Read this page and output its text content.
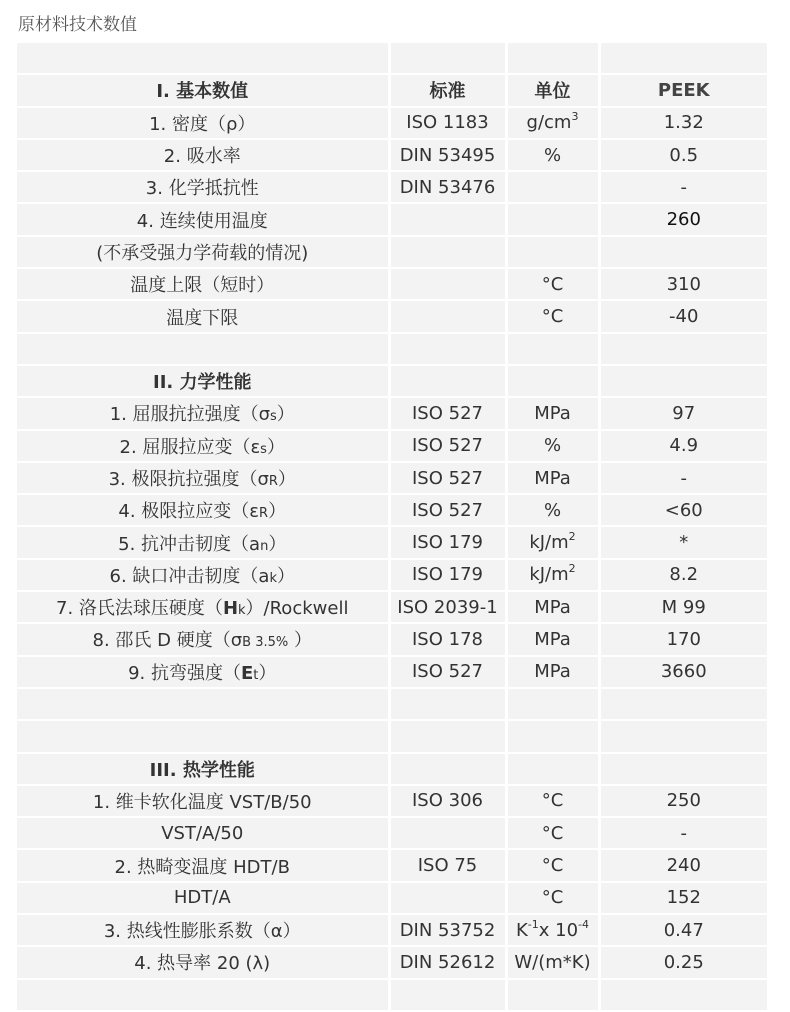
原材料技术数值

I. 基本数值	标准	单位	PEEK
1. 密度（ρ）	ISO 1183	$g/cm^3$	1.32
2. 吸水率	DIN 53495	%	0.5
3. 化学抵抗性	DIN 53476		-
4. 连续使用温度			260
(不承受强力学荷载的情况)			
温度上限（短时）		°C	310
温度下限		°C	-40

II. 力学性能			
1. 屈服抗拉强度（σs）	ISO 527	MPa	97
2. 屈服拉应变（εs）	ISO 527	%	4.9
3. 极限抗拉强度（σR）	ISO 527	MPa	-
4. 极限拉应变（εR）	ISO 527	%	<60
5. 抗冲击韧度（an）	ISO 179	$kJ/m^2$	*
6. 缺口冲击韧度（ak）	ISO 179	$kJ/m^2$	8.2
7. 洛氏法球压硬度（Hk）/Rockwell	ISO 2039-1	MPa	M 99
8. 邵氏 D 硬度（σB 3.5% ）	ISO 178	MPa	170
9. 抗弯强度（Et）	ISO 527	MPa	3660

III. 热学性能			
1. 维卡软化温度 VST/B/50	ISO 306	°C	250
VST/A/50		°C	-
2. 热畸变温度 HDT/B	ISO 75	°C	240
HDT/A		°C	152
3. 热线性膨胀系数（α）	DIN 53752	$K^{-1}x$ $10^{-4}$	0.47
4. 热导率 20 (λ)	DIN 52612	W/(m*K)	0.25
